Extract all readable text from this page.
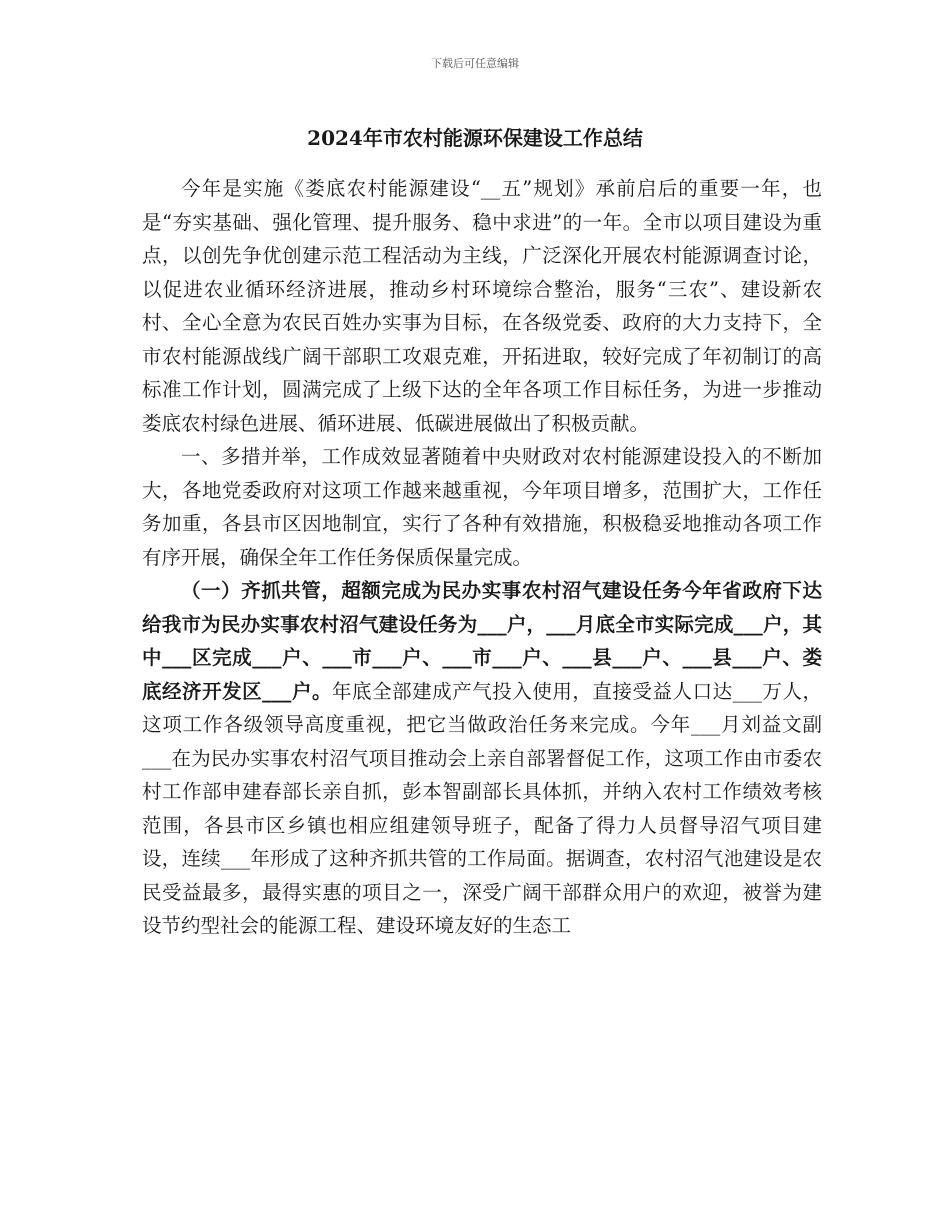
下载后可任意编辑
2024年市农村能源环保建设工作总结

今年是实施《娄底农村能源建设“__五”规划》承前启后的重要一年，也是“夯实基础、强化管理、提升服务、稳中求进”的一年。全市以项目建设为重点，以创先争优创建示范工程活动为主线，广泛深化开展农村能源调查讨论，以促进农业循环经济进展，推动乡村环境综合整治，服务“三农”、建设新农村、全心全意为农民百姓办实事为目标，在各级党委、政府的大力支持下，全市农村能源战线广阔干部职工攻艰克难，开拓进取，较好完成了年初制订的高标准工作计划，圆满完成了上级下达的全年各项工作目标任务，为进一步推动娄底农村绿色进展、循环进展、低碳进展做出了积极贡献。

一、多措并举，工作成效显著随着中央财政对农村能源建设投入的不断加大，各地党委政府对这项工作越来越重视，今年项目增多，范围扩大，工作任务加重，各县市区因地制宜，实行了各种有效措施，积极稳妥地推动各项工作有序开展，确保全年工作任务保质保量完成。

（一）齐抓共管，超额完成为民办实事农村沼气建设任务今年省政府下达给我市为民办实事农村沼气建设任务为___户，___月底全市实际完成___户，其中___区完成___户、___市___户、___市___户、___县___户、___县___户、娄底经济开发区___户。年底全部建成产气投入使用，直接受益人口达___万人，这项工作各级领导高度重视，把它当做政治任务来完成。今年___月刘益文副___在为民办实事农村沼气项目推动会上亲自部署督促工作，这项工作由市委农村工作部申建春部长亲自抓，彭本智副部长具体抓，并纳入农村工作绩效考核范围，各县市区乡镇也相应组建领导班子，配备了得力人员督导沼气项目建设，连续___年形成了这种齐抓共管的工作局面。据调查，农村沼气池建设是农民受益最多，最得实惠的项目之一，深受广阔干部群众用户的欢迎，被誉为建设节约型社会的能源工程、建设环境友好的生态工
